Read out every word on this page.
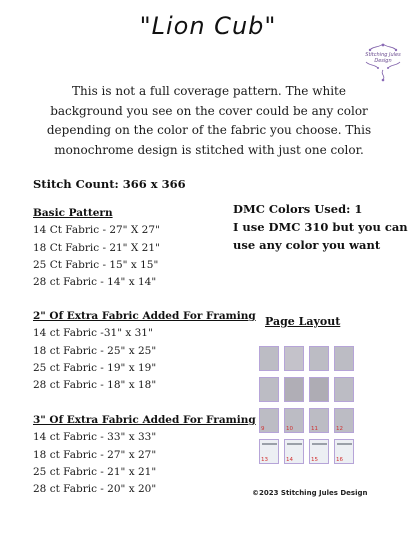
"Lion Cub"
Stitching Jules Design
This is not a full coverage pattern. The white background you see on the cover could be any color depending on the color of the fabric you choose. This monochrome design is stitched with just one color.
Stitch Count: 366 x 366
Basic Pattern
14 Ct Fabric - 27" X 27"
18 Ct Fabric - 21" X 21"
25 Ct Fabric - 15" x 15"
28 ct Fabric - 14" x 14"
2" Of Extra Fabric Added For Framing
14 ct Fabric -31" x 31"
18 ct Fabric - 25" x 25"
25 ct Fabric - 19" x 19"
28 ct Fabric - 18" x 18"
3" Of Extra Fabric Added For Framing
14 ct Fabric - 33" x 33"
18 ct Fabric - 27" x 27"
25 ct Fabric - 21" x 21"
28 ct Fabric - 20" x 20"
DMC Colors Used: 1
I use DMC 310 but you can
use any color you want
Page Layout
9	10	11	12
13	14	15	16
©2023 Stitching Jules Design
